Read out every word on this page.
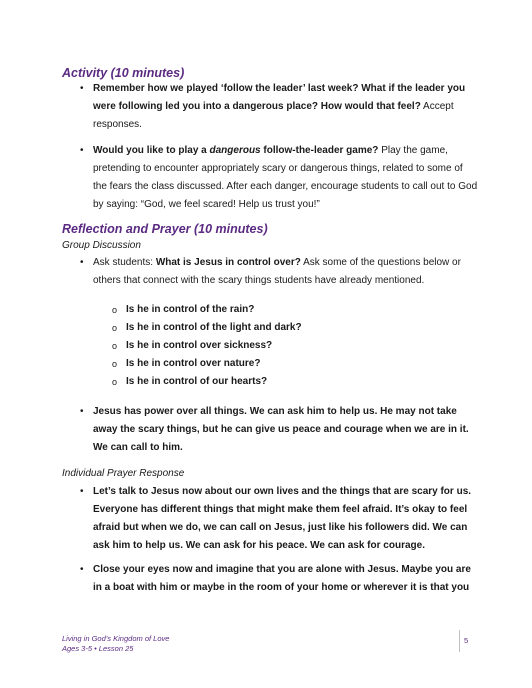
Activity (10 minutes)
• Remember how we played ‘follow the leader’ last week? What if the leader you were following led you into a dangerous place? How would that feel? Accept responses.

• Would you like to play a dangerous follow-the-leader game? Play the game, pretending to encounter appropriately scary or dangerous things, related to some of the fears the class discussed. After each danger, encourage students to call out to God by saying: “God, we feel scared! Help us trust you!”

Reflection and Prayer (10 minutes)

Group Discussion

• Ask students: What is Jesus in control over? Ask some of the questions below or others that connect with the scary things students have already mentioned.

o Is he in control of the rain?
o Is he in control of the light and dark?
o Is he in control over sickness?
o Is he in control over nature?
o Is he in control of our hearts?
• Jesus has power over all things. We can ask him to help us. He may not take away the scary things, but he can give us peace and courage when we are in it. We can call to him.

Individual Prayer Response

• Let’s talk to Jesus now about our own lives and the things that are scary for us. Everyone has different things that might make them feel afraid. It’s okay to feel afraid but when we do, we can call on Jesus, just like his followers did. We can ask him to help us. We can ask for his peace. We can ask for courage.

• Close your eyes now and imagine that you are alone with Jesus. Maybe you are in a boat with him or maybe in the room of your home or wherever it is that you

Living in God’s Kingdom of Love
Ages 3-5 • Lesson 25
5
